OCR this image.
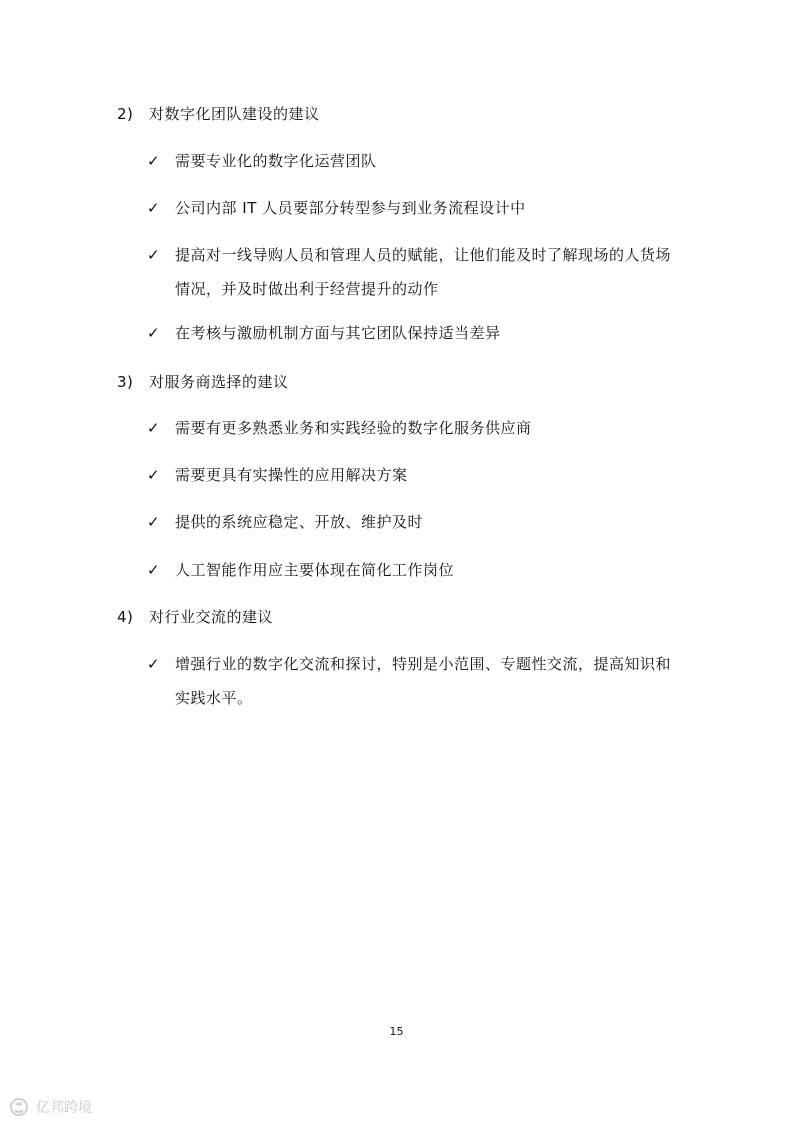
2) 对数字化团队建设的建议
✓ 需要专业化的数字化运营团队
✓ 公司内部 IT 人员要部分转型参与到业务流程设计中
✓ 提高对一线导购人员和管理人员的赋能，让他们能及时了解现场的人货场情况，并及时做出利于经营提升的动作
✓ 在考核与激励机制方面与其它团队保持适当差异
3) 对服务商选择的建议
✓ 需要有更多熟悉业务和实践经验的数字化服务供应商
✓ 需要更具有实操性的应用解决方案
✓ 提供的系统应稳定、开放、维护及时
✓ 人工智能作用应主要体现在简化工作岗位
4) 对行业交流的建议
✓ 增强行业的数字化交流和探讨，特别是小范围、专题性交流，提高知识和实践水平。
15
亿邦跨境
